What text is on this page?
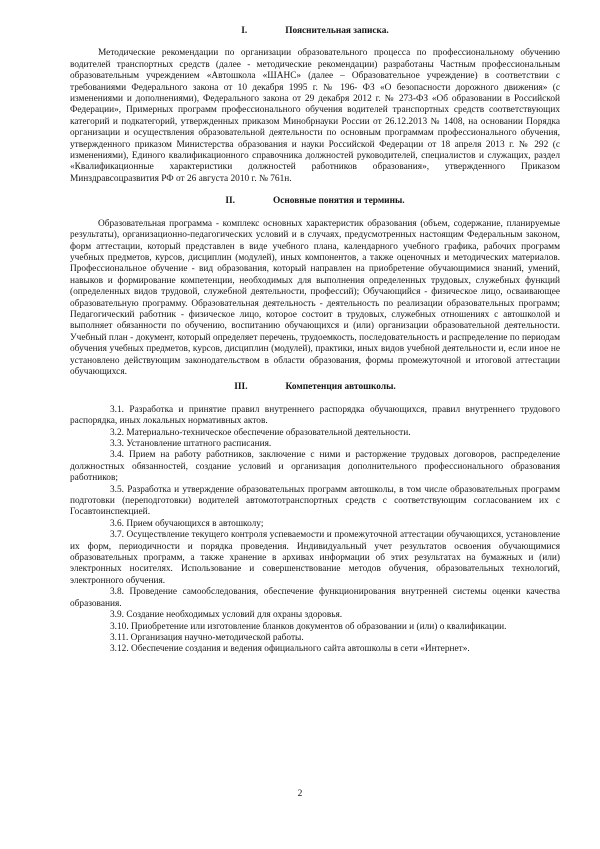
I.	Пояснительная записка.

Методические рекомендации по организации образовательного процесса по профессиональному обучению водителей транспортных средств (далее - методические рекомендации) разработаны Частным профессиональным образовательным учреждением «Автошкола «ШАНС» (далее – Образовательное учреждение) в соответствии с требованиями Федерального закона от 10 декабря 1995 г. № 196- ФЗ «О безопасности дорожного движения» (с изменениями и дополнениями), Федерального закона от 29 декабря 2012 г. № 273-ФЗ «Об образовании в Российской Федерации», Примерных программ профессионального обучения водителей транспортных средств соответствующих категорий и подкатегорий, утвержденных приказом Минобрнауки России от 26.12.2013 № 1408, на основании Порядка организации и осуществления образовательной деятельности по основным программам профессионального обучения, утвержденного приказом Министерства образования и науки Российской Федерации от 18 апреля 2013 г. № 292 (с изменениями), Единого квалификационного справочника должностей руководителей, специалистов и служащих, раздел «Квалификационные характеристики должностей работников образования», утвержденного Приказом Минздравсоцразвития РФ от 26 августа 2010 г. № 761н.

II.	Основные понятия и термины.

Образовательная программа - комплекс основных характеристик образования (объем, содержание, планируемые результаты), организационно-педагогических условий и в случаях, предусмотренных настоящим Федеральным законом, форм аттестации, который представлен в виде учебного плана, календарного учебного графика, рабочих программ учебных предметов, курсов, дисциплин (модулей), иных компонентов, а также оценочных и методических материалов. Профессиональное обучение - вид образования, который направлен на приобретение обучающимися знаний, умений, навыков и формирование компетенции, необходимых для выполнения определенных трудовых, служебных функций (определенных видов трудовой, служебной деятельности, профессий); Обучающийся - физическое лицо, осваивающее образовательную программу. Образовательная деятельность - деятельность по реализации образовательных программ; Педагогический работник - физическое лицо, которое состоит в трудовых, служебных отношениях с автошколой и выполняет обязанности по обучению, воспитанию обучающихся и (или) организации образовательной деятельности. Учебный план - документ, который определяет перечень, трудоемкость, последовательность и распределение по периодам обучения учебных предметов, курсов, дисциплин (модулей), практики, иных видов учебной деятельности и, если иное не установлено действующим законодательством в области образования, формы промежуточной и итоговой аттестации обучающихся.

III.	Компетенция автошколы.

3.1. Разработка и принятие правил внутреннего распорядка обучающихся, правил внутреннего трудового распорядка, иных локальных нормативных актов.

3.2. Материально-техническое обеспечение образовательной деятельности.

3.3. Установление штатного расписания.

3.4. Прием на работу работников, заключение с ними и расторжение трудовых договоров, распределение должностных обязанностей, создание условий и организация дополнительного профессионального образования работников;

3.5. Разработка и утверждение образовательных программ автошколы, в том числе образовательных программ подготовки (переподготовки) водителей автомототранспортных средств с соответствующим согласованием их с Госавтоинспекцией.

3.6. Прием обучающихся в автошколу;

3.7. Осуществление текущего контроля успеваемости и промежуточной аттестации обучающихся, установление их форм, периодичности и порядка проведения. Индивидуальный учет результатов освоения обучающимися образовательных программ, а также хранение в архивах информации об этих результатах на бумажных и (или) электронных носителях. Использование и совершенствование методов обучения, образовательных технологий, электронного обучения.

3.8. Проведение самообследования, обеспечение функционирования внутренней системы оценки качества образования.

3.9. Создание необходимых условий для охраны здоровья.

3.10. Приобретение или изготовление бланков документов об образовании и (или) о квалификации.

3.11. Организация научно-методической работы.

3.12. Обеспечение создания и ведения официального сайта автошколы в сети «Интернет».

2
